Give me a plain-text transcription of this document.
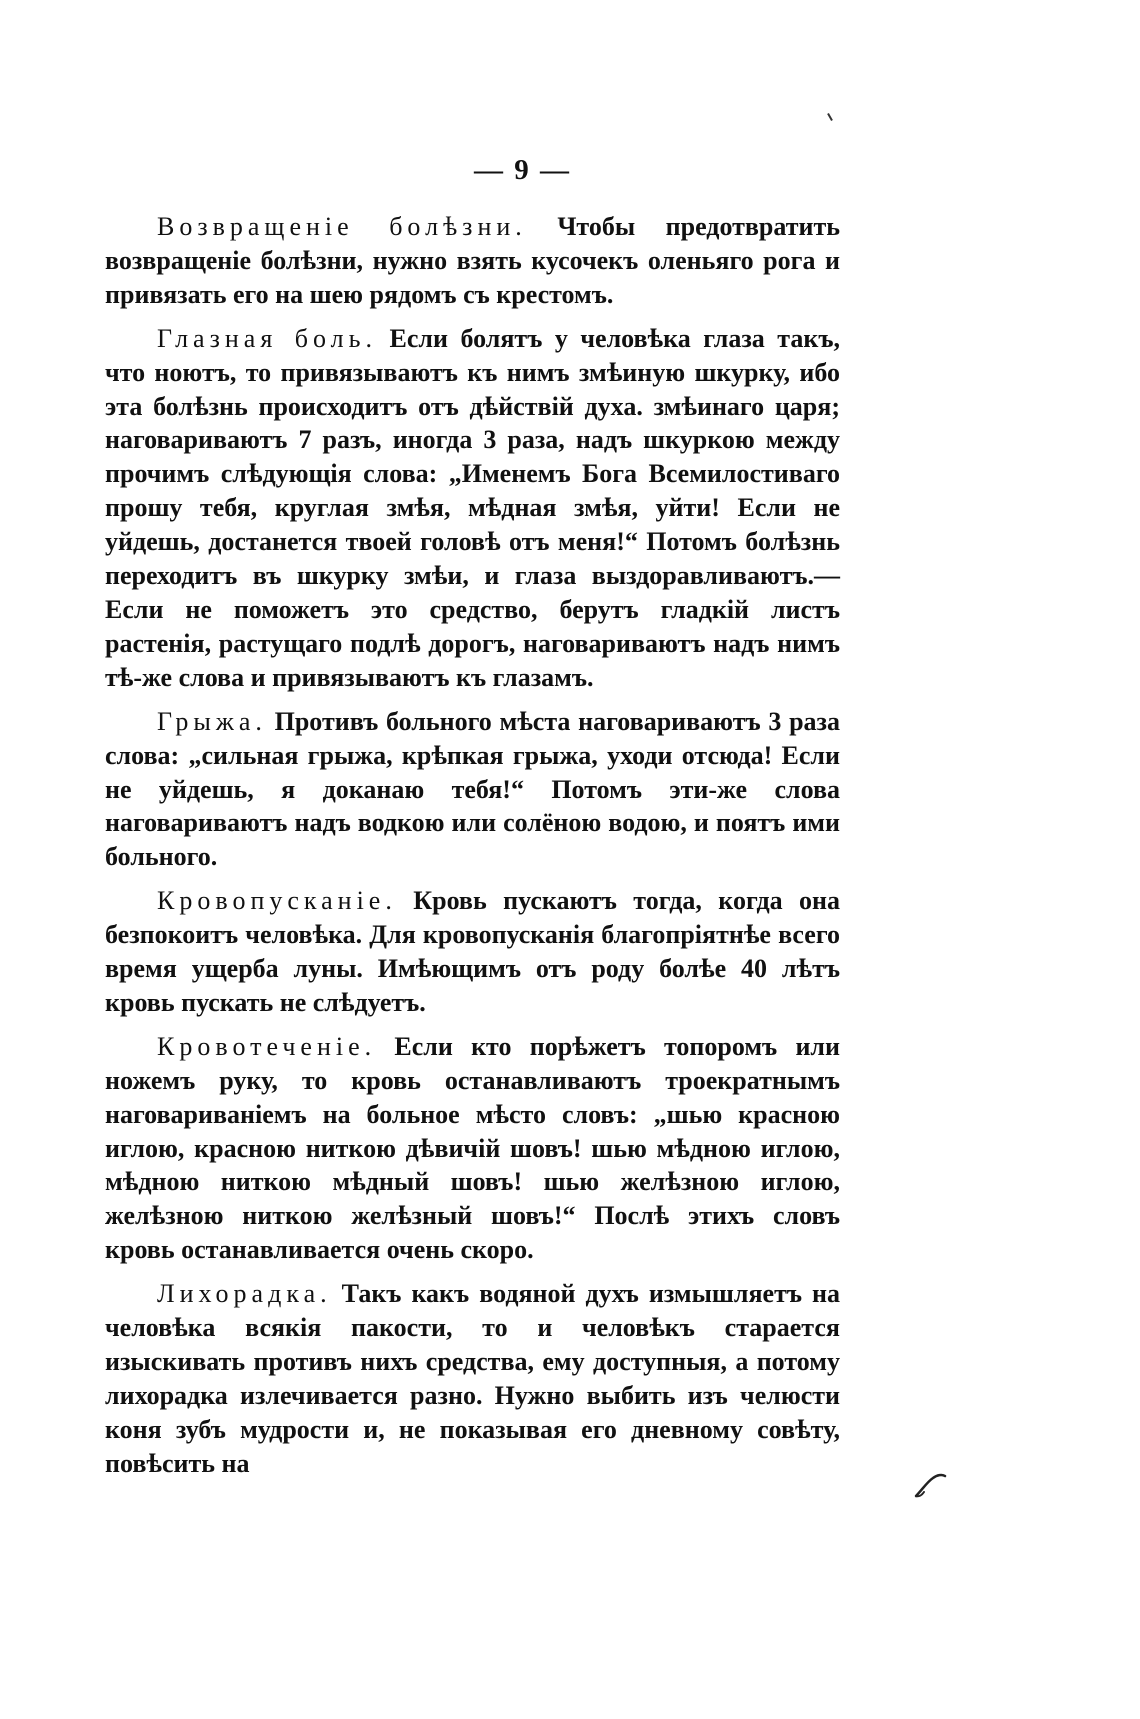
— 9 —

Возвращеніе болѣзни. Чтобы предотвратить возвращеніе болѣзни, нужно взять кусочекъ оленьяго рога и привязать его на шею рядомъ съ крестомъ.

Глазная боль. Если болятъ у человѣка глаза такъ, что ноютъ, то привязываютъ къ нимъ змѣиную шкурку, ибо эта болѣзнь происходитъ отъ дѣйствій духа. змѣинаго царя; наговариваютъ 7 разъ, иногда 3 раза, надъ шкуркою между прочимъ слѣдующія слова: „Именемъ Бога Всемилостиваго прошу тебя, круглая змѣя, мѣдная змѣя, уйти! Если не уйдешь, достанется твоей головѣ отъ меня!“ Потомъ болѣзнь переходитъ въ шкурку змѣи, и глаза выздоравливаютъ.—Если не поможетъ это средство, берутъ гладкій листъ растенія, растущаго подлѣ дорогъ, наговариваютъ надъ нимъ тѣ-же слова и привязываютъ къ глазамъ.

Грыжа. Противъ больного мѣста наговариваютъ 3 раза слова: „сильная грыжа, крѣпкая грыжа, уходи отсюда! Если не уйдешь, я доканаю тебя!“ Потомъ эти-же слова наговариваютъ надъ водкою или солёною водою, и поятъ ими больного.

Кровопусканіе. Кровь пускаютъ тогда, когда она безпокоитъ человѣка. Для кровопусканія благопріятнѣе всего время ущерба луны. Имѣющимъ отъ роду болѣе 40 лѣтъ кровь пускать не слѣдуетъ.

Кровотеченіе. Если кто порѣжетъ топоромъ или ножемъ руку, то кровь останавливаютъ троекратнымъ наговариваніемъ на больное мѣсто словъ: „шью красною иглою, красною ниткою дѣвичій шовъ! шью мѣдною иглою, мѣдною ниткою мѣдный шовъ! шью желѣзною иглою, желѣзною ниткою желѣзный шовъ!“ Послѣ этихъ словъ кровь останавливается очень скоро.

Лихорадка. Такъ какъ водяной духъ измышляетъ на человѣка всякія пакости, то и человѣкъ старается изыскивать противъ нихъ средства, ему доступныя, а потому лихорадка излечивается разно. Нужно выбить изъ челюсти коня зубъ мудрости и, не показывая его дневному совѣту, повѣсить на
